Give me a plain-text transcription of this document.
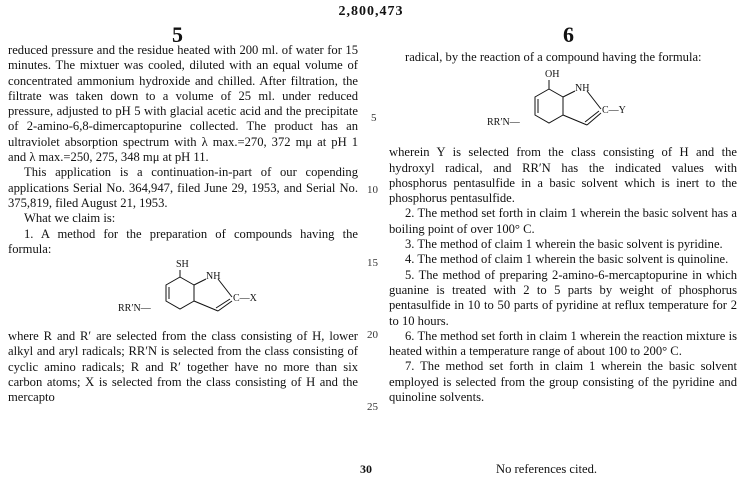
2,800,473
5	6

reduced pressure and the residue heated with 200 ml. of water for 15 minutes. The mixtuer was cooled, diluted with an equal volume of concentrated ammonium hydroxide and chilled. After filtration, the filtrate was taken down to a volume of 25 ml. under reduced pressure, adjusted to pH 5 with glacial acetic acid and the precipitate of 2-amino-6,8-dimercaptopurine collected. The product has an ultraviolet absorption spectrum with λ max.=270, 372 mμ at pH 1 and λ max.=250, 275, 348 mμ at pH 11.

This application is a continuation-in-part of our copending applications Serial No. 364,947, filed June 29, 1953, and Serial No. 375,819, filed August 21, 1953.

What we claim is:

1. A method for the preparation of compounds having the formula:

SH
NH
RR′N—
C—X

where R and R′ are selected from the class consisting of H, lower alkyl and aryl radicals; RR′N is selected from the class consisting of cyclic amino radicals; R and R′ together have no more than six carbon atoms; X is selected from the class consisting of H and the mercapto

5
10
15
20
25

radical, by the reaction of a compound having the formula:

OH
NH
RR′N—
C—Y

wherein Y is selected from the class consisting of H and the hydroxyl radical, and RR′N has the indicated values with phosphorus pentasulfide in a basic solvent which is inert to the phosphorus pentasulfide.

2. The method set forth in claim 1 wherein the basic solvent has a boiling point of over 100° C.

3. The method of claim 1 wherein the basic solvent is pyridine.

4. The method of claim 1 wherein the basic solvent is quinoline.

5. The method of preparing 2-amino-6-mercaptopurine in which guanine is treated with 2 to 5 parts by weight of phosphorus pentasulfide in 10 to 50 parts of pyridine at reflux temperature for 2 to 10 hours.

6. The method set forth in claim 1 wherein the reaction mixture is heated within a temperature range of about 100 to 200° C.

7. The method set forth in claim 1 wherein the basic solvent employed is selected from the group consisting of the pyridine and quinoline solvents.

30	No references cited.
